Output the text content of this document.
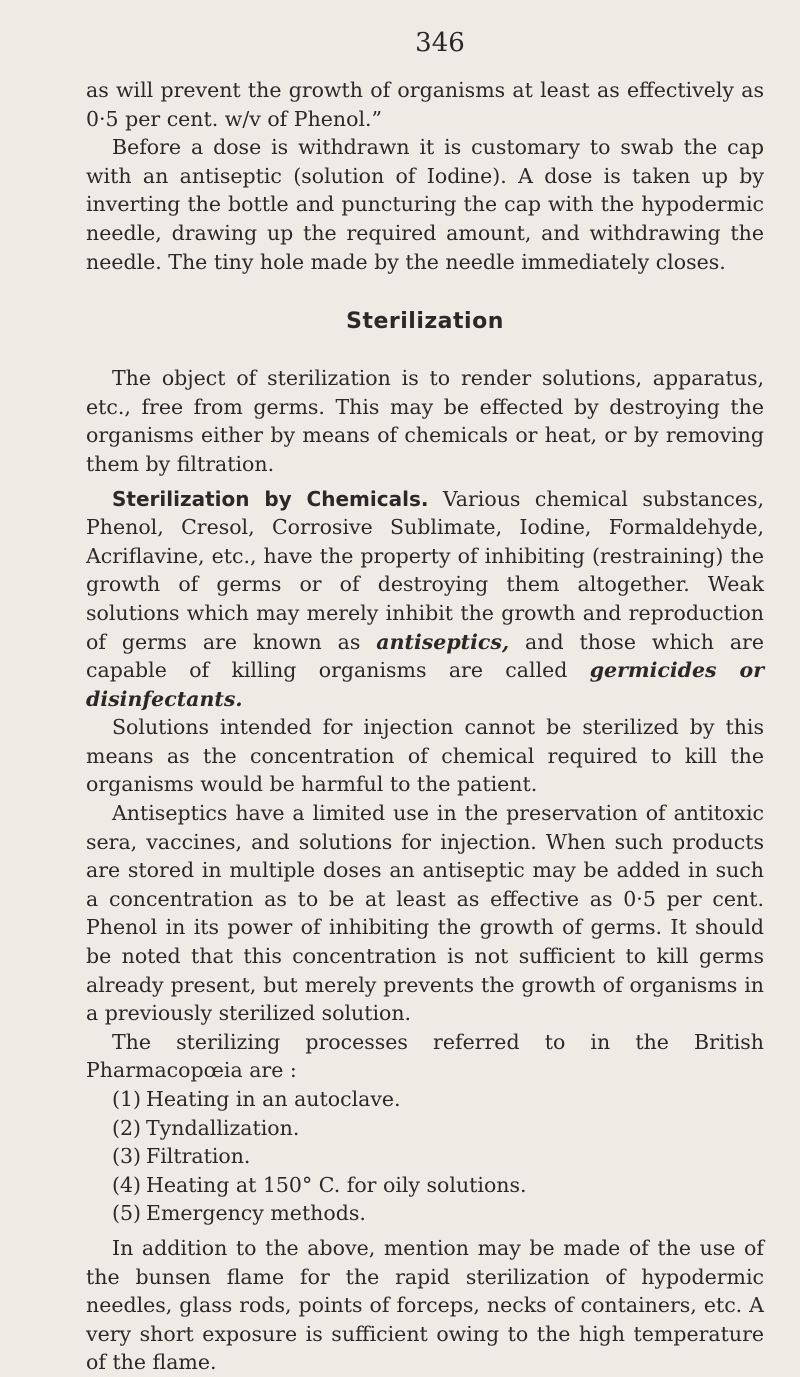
346

as will prevent the growth of organisms at least as effectively as 0·5 per cent. w/v of Phenol.”

Before a dose is withdrawn it is customary to swab the cap with an antiseptic (solution of Iodine). A dose is taken up by inverting the bottle and puncturing the cap with the hypodermic needle, drawing up the required amount, and withdrawing the needle. The tiny hole made by the needle immediately closes.

Sterilization

The object of sterilization is to render solutions, apparatus, etc., free from germs. This may be effected by destroying the organisms either by means of chemicals or heat, or by removing them by filtration.

Sterilization by Chemicals. Various chemical substances, Phenol, Cresol, Corrosive Sublimate, Iodine, Formaldehyde, Acriflavine, etc., have the property of inhibiting (restraining) the growth of germs or of destroying them altogether. Weak solutions which may merely inhibit the growth and reproduction of germs are known as antiseptics, and those which are capable of killing organisms are called germicides or disinfectants.

Solutions intended for injection cannot be sterilized by this means as the concentration of chemical required to kill the organisms would be harmful to the patient.

Antiseptics have a limited use in the preservation of antitoxic sera, vaccines, and solutions for injection. When such products are stored in multiple doses an antiseptic may be added in such a concentration as to be at least as effective as 0·5 per cent. Phenol in its power of inhibiting the growth of germs. It should be noted that this concentration is not sufficient to kill germs already present, but merely prevents the growth of organisms in a previously sterilized solution.

The sterilizing processes referred to in the British Pharmacopœia are :

(1) Heating in an autoclave.
(2) Tyndallization.
(3) Filtration.
(4) Heating at 150° C. for oily solutions.
(5) Emergency methods.

In addition to the above, mention may be made of the use of the bunsen flame for the rapid sterilization of hypodermic needles, glass rods, points of forceps, necks of containers, etc. A very short exposure is sufficient owing to the high temperature of the flame.
